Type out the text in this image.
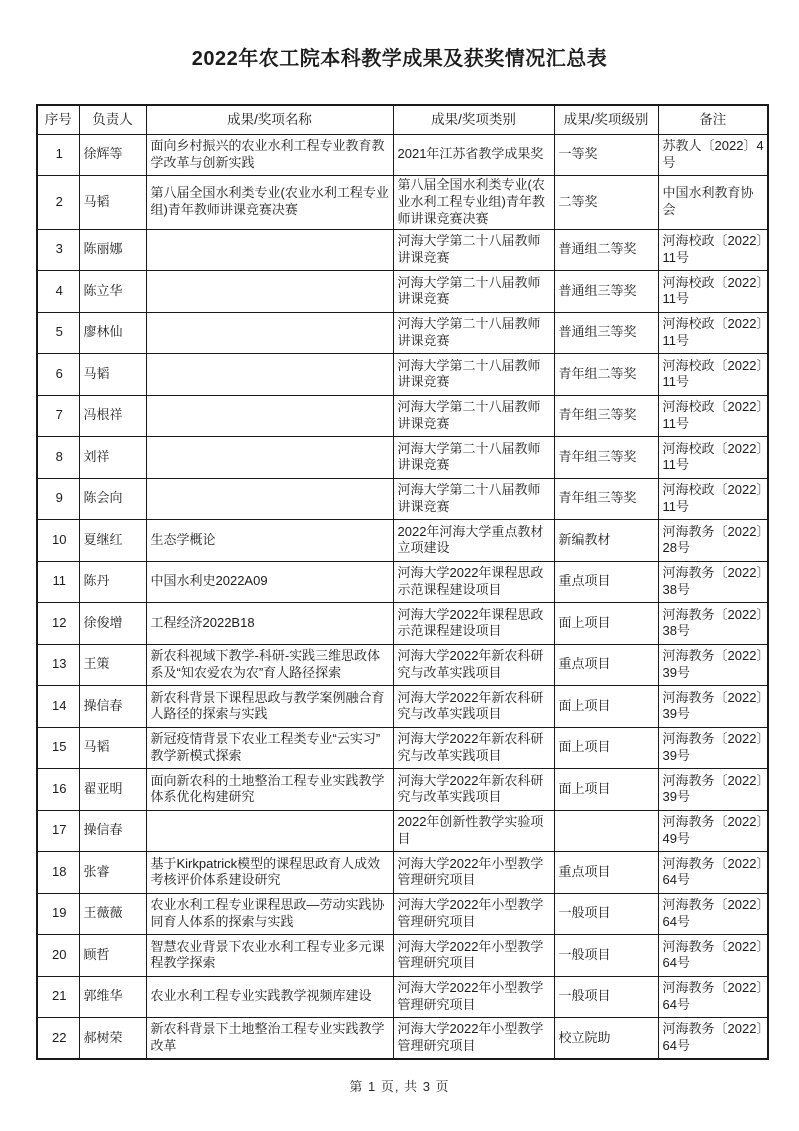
2022年农工院本科教学成果及获奖情况汇总表
序号	负责人	成果/奖项名称	成果/奖项类别	成果/奖项级别	备注
1	徐辉等	面向乡村振兴的农业水利工程专业教育教学改革与创新实践	2021年江苏省教学成果奖	一等奖	苏教人〔2022〕4号
2	马韬	第八届全国水利类专业(农业水利工程专业组)青年教师讲课竞赛决赛	第八届全国水利类专业(农业水利工程专业组)青年教师讲课竞赛决赛	二等奖	中国水利教育协会
3	陈丽娜		河海大学第二十八届教师讲课竞赛	普通组二等奖	河海校政〔2022〕11号
4	陈立华		河海大学第二十八届教师讲课竞赛	普通组三等奖	河海校政〔2022〕11号
5	廖林仙		河海大学第二十八届教师讲课竞赛	普通组三等奖	河海校政〔2022〕11号
6	马韬		河海大学第二十八届教师讲课竞赛	青年组二等奖	河海校政〔2022〕11号
7	冯根祥		河海大学第二十八届教师讲课竞赛	青年组三等奖	河海校政〔2022〕11号
8	刘祥		河海大学第二十八届教师讲课竞赛	青年组三等奖	河海校政〔2022〕11号
9	陈会向		河海大学第二十八届教师讲课竞赛	青年组三等奖	河海校政〔2022〕11号
10	夏继红	生态学概论	2022年河海大学重点教材立项建设	新编教材	河海教务〔2022〕28号
11	陈丹	中国水利史2022A09	河海大学2022年课程思政示范课程建设项目	重点项目	河海教务〔2022〕38号
12	徐俊增	工程经济2022B18	河海大学2022年课程思政示范课程建设项目	面上项目	河海教务〔2022〕38号
13	王策	新农科视域下教学-科研-实践三维思政体系及“知农爱农为农”育人路径探索	河海大学2022年新农科研究与改革实践项目	重点项目	河海教务〔2022〕39号
14	操信春	新农科背景下课程思政与教学案例融合育人路径的探索与实践	河海大学2022年新农科研究与改革实践项目	面上项目	河海教务〔2022〕39号
15	马韬	新冠疫情背景下农业工程类专业“云实习”教学新模式探索	河海大学2022年新农科研究与改革实践项目	面上项目	河海教务〔2022〕39号
16	翟亚明	面向新农科的土地整治工程专业实践教学体系优化构建研究	河海大学2022年新农科研究与改革实践项目	面上项目	河海教务〔2022〕39号
17	操信春		2022年创新性教学实验项目		河海教务〔2022〕49号
18	张睿	基于Kirkpatrick模型的课程思政育人成效考核评价体系建设研究	河海大学2022年小型教学管理研究项目	重点项目	河海教务〔2022〕64号
19	王薇薇	农业水利工程专业课程思政—劳动实践协同育人体系的探索与实践	河海大学2022年小型教学管理研究项目	一般项目	河海教务〔2022〕64号
20	顾哲	智慧农业背景下农业水利工程专业多元课程教学探索	河海大学2022年小型教学管理研究项目	一般项目	河海教务〔2022〕64号
21	郭维华	农业水利工程专业实践教学视频库建设	河海大学2022年小型教学管理研究项目	一般项目	河海教务〔2022〕64号
22	郝树荣	新农科背景下土地整治工程专业实践教学改革	河海大学2022年小型教学管理研究项目	校立院助	河海教务〔2022〕64号
第 1 页, 共 3 页
